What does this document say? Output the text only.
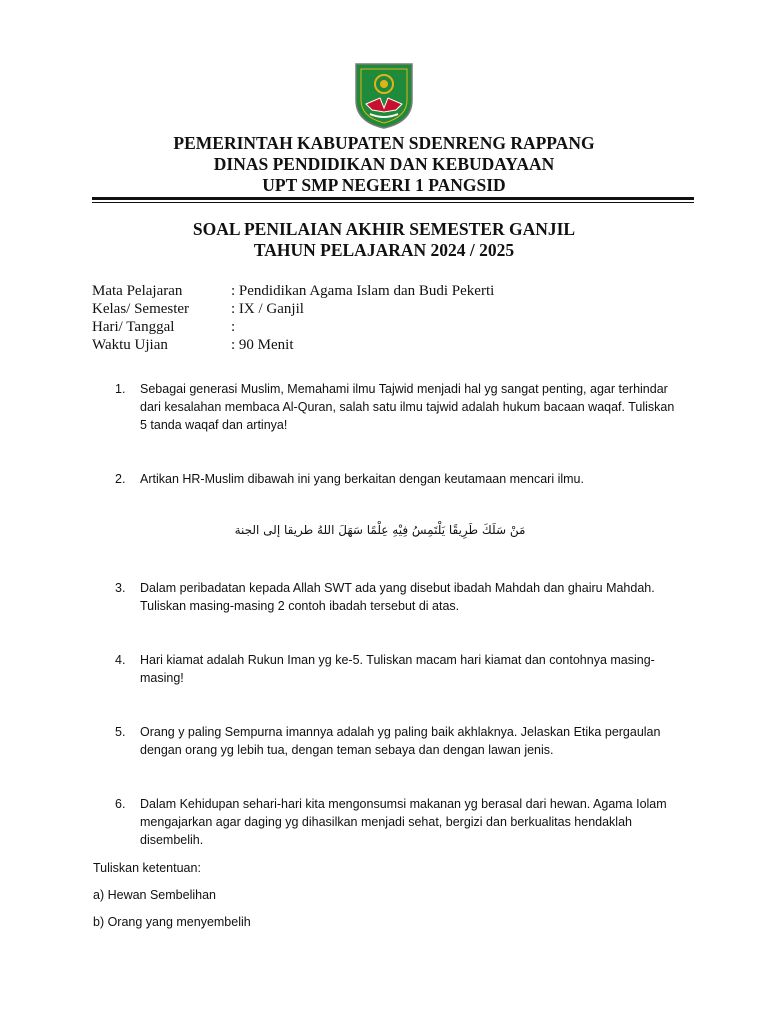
PEMERINTAH KABUPATEN SDENRENG RAPPANG
DINAS PENDIDIKAN DAN KEBUDAYAAN
UPT SMP NEGERI 1 PANGSID
SOAL PENILAIAN AKHIR SEMESTER GANJIL
TAHUN PELAJARAN 2024 / 2025
Mata Pelajaran	: Pendidikan Agama Islam dan Budi Pekerti
Kelas/ Semester	: IX / Ganjil
Hari/ Tanggal	:
Waktu Ujian	: 90 Menit
1. Sebagai generasi Muslim, Memahami ilmu Tajwid menjadi hal yg sangat penting, agar terhindar dari kesalahan membaca Al-Quran, salah satu ilmu tajwid adalah hukum bacaan waqaf. Tuliskan 5 tanda waqaf dan artinya!
2. Artikan HR-Muslim dibawah ini yang berkaitan dengan keutamaan mencari ilmu.
مَنْ سَلَكَ طَرِيقًا يَلْتَمِسُ فِيْهِ عِلْمًا سَهَلَ اللهُ طريقا إلى الجنة
3. Dalam peribadatan kepada Allah SWT ada yang disebut ibadah Mahdah dan ghairu Mahdah. Tuliskan masing-masing 2 contoh ibadah tersebut di atas.
4. Hari kiamat adalah Rukun Iman yg ke-5. Tuliskan macam hari kiamat dan contohnya masing-masing!
5. Orang y paling Sempurna imannya adalah yg paling baik akhlaknya. Jelaskan Etika pergaulan dengan orang yg lebih tua, dengan teman sebaya dan dengan lawan jenis.
6. Dalam Kehidupan sehari-hari kita mengonsumsi makanan yg berasal dari hewan. Agama Iolam mengajarkan agar daging yg dihasilkan menjadi sehat, bergizi dan berkualitas hendaklah disembelih.
Tuliskan ketentuan:
a) Hewan Sembelihan
b) Orang yang menyembelih
